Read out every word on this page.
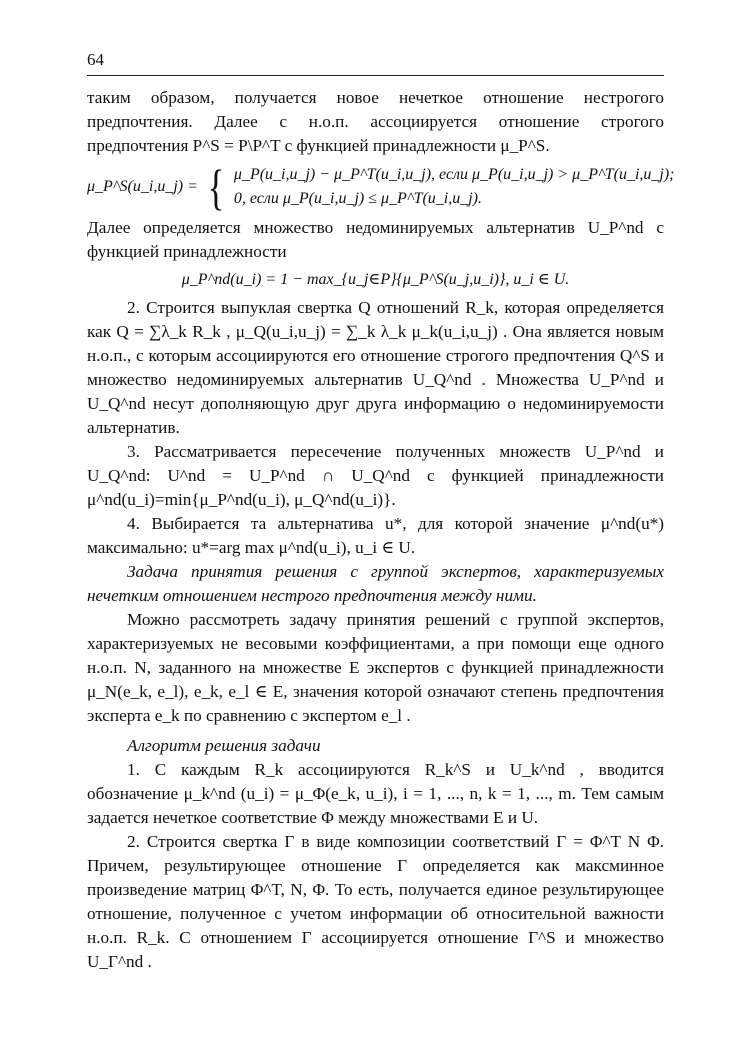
64

таким образом, получается новое нечеткое отношение нестрогого предпочтения. Далее с н.о.п. ассоциируется отношение строгого предпочтения P^S = P\P^T с функцией принадлежности μ_P^S.

μ_P^S(u_i,u_j) = { μ_P(u_i,u_j) − μ_P^T(u_i,u_j), если μ_P(u_i,u_j) > μ_P^T(u_i,u_j);
0, если μ_P(u_i,u_j) ≤ μ_P^T(u_i,u_j).

Далее определяется множество недоминируемых альтернатив U_P^nd с функцией принадлежности

μ_P^nd(u_i) = 1 − max_{u_j∈P}{μ_P^S(u_j,u_i)}, u_i ∈ U.

2. Строится выпуклая свертка Q отношений R_k, которая определяется как Q = ∑λ_k R_k , μ_Q(u_i,u_j) = ∑_k λ_k μ_k(u_i,u_j) . Она является новым н.о.п., с которым ассоциируются его отношение строгого предпочтения Q^S и множество недоминируемых альтернатив U_Q^nd . Множества U_P^nd и U_Q^nd несут дополняющую друг друга информацию о недоминируемости альтернатив.

3. Рассматривается пересечение полученных множеств U_P^nd и U_Q^nd: U^nd = U_P^nd ∩ U_Q^nd с функцией принадлежности μ^nd(u_i)=min{μ_P^nd(u_i), μ_Q^nd(u_i)}.

4. Выбирается та альтернатива u*, для которой значение μ^nd(u*) максимально: u*=arg max μ^nd(u_i), u_i ∈ U.

Задача принятия решения с группой экспертов, характеризуемых нечетким отношением нестрого предпочтения между ними.

Можно рассмотреть задачу принятия решений с группой экспертов, характеризуемых не весовыми коэффициентами, а при помощи еще одного н.о.п. N, заданного на множестве E экспертов с функцией принадлежности μ_N(e_k, e_l), e_k, e_l ∈ E, значения которой означают степень предпочтения эксперта e_k по сравнению с экспертом e_l .

Алгоритм решения задачи

1. С каждым R_k ассоциируются R_k^S и U_k^nd , вводится обозначение μ_k^nd (u_i) = μ_Φ(e_k, u_i), i = 1, ..., n, k = 1, ..., m. Тем самым задается нечеткое соответствие Φ между множествами E и U.

2. Строится свертка Γ в виде композиции соответствий Γ = Φ^T N Φ. Причем, результирующее отношение Γ определяется как максминное произведение матриц Φ^T, N, Φ. То есть, получается единое результирующее отношение, полученное с учетом информации об относительной важности н.о.п. R_k. С отношением Γ ассоциируется отношение Γ^S и множество U_Γ^nd .
